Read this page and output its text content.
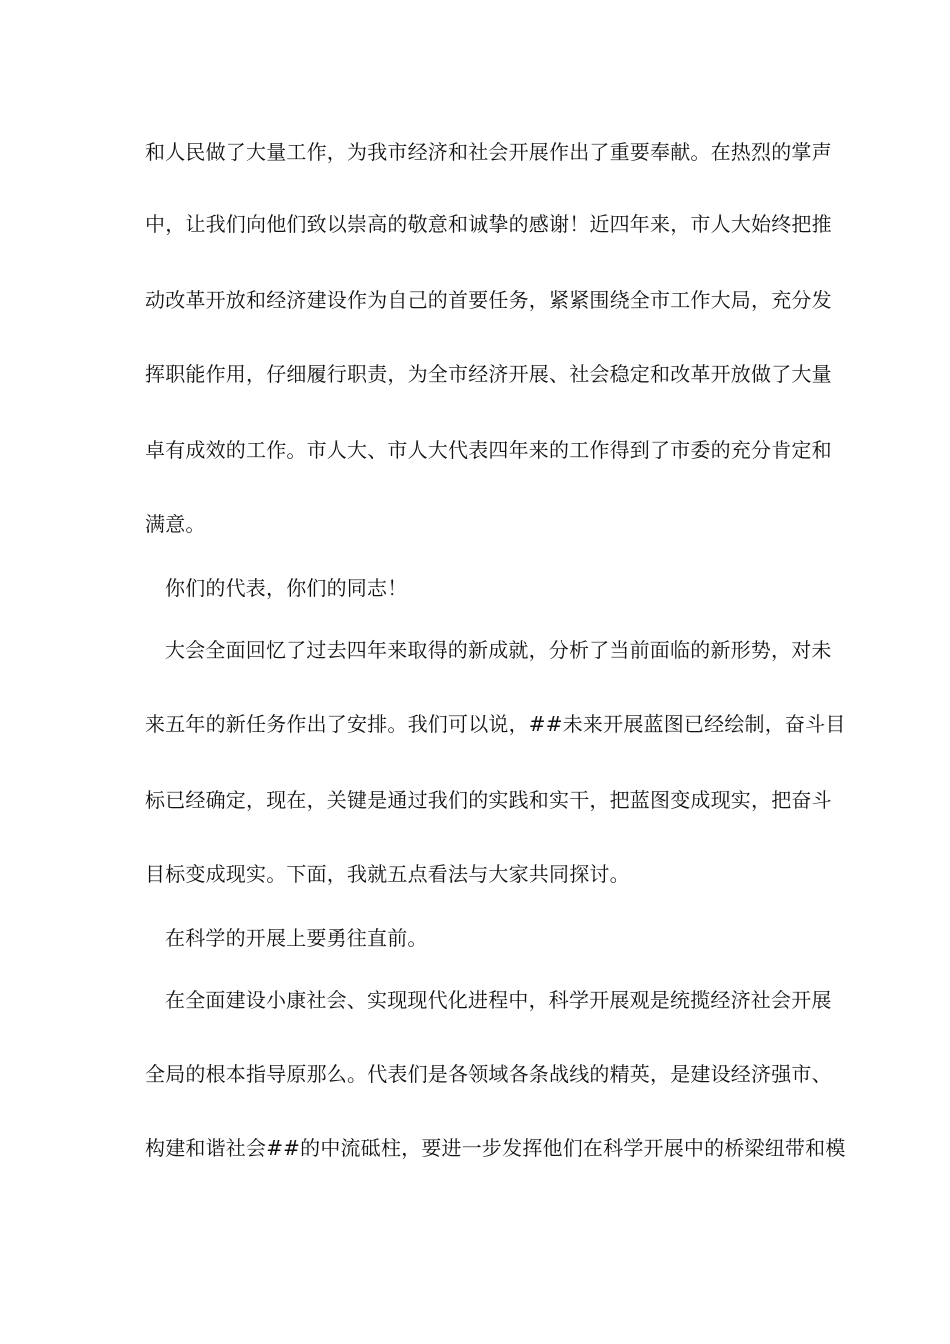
和人民做了大量工作，为我市经济和社会开展作出了重要奉献。在热烈的掌声
中，让我们向他们致以崇高的敬意和诚挚的感谢！近四年来，市人大始终把推
动改革开放和经济建设作为自己的首要任务，紧紧围绕全市工作大局，充分发
挥职能作用，仔细履行职责，为全市经济开展、社会稳定和改革开放做了大量
卓有成效的工作。市人大、市人大代表四年来的工作得到了市委的充分肯定和
满意。
你们的代表，你们的同志！
大会全面回忆了过去四年来取得的新成就，分析了当前面临的新形势，对未
来五年的新任务作出了安排。我们可以说，##未来开展蓝图已经绘制，奋斗目
标已经确定，现在，关键是通过我们的实践和实干，把蓝图变成现实，把奋斗
目标变成现实。下面，我就五点看法与大家共同探讨。
在科学的开展上要勇往直前。
在全面建设小康社会、实现现代化进程中，科学开展观是统揽经济社会开展
全局的根本指导原那么。代表们是各领域各条战线的精英，是建设经济强市、
构建和谐社会##的中流砥柱，要进一步发挥他们在科学开展中的桥梁纽带和模
